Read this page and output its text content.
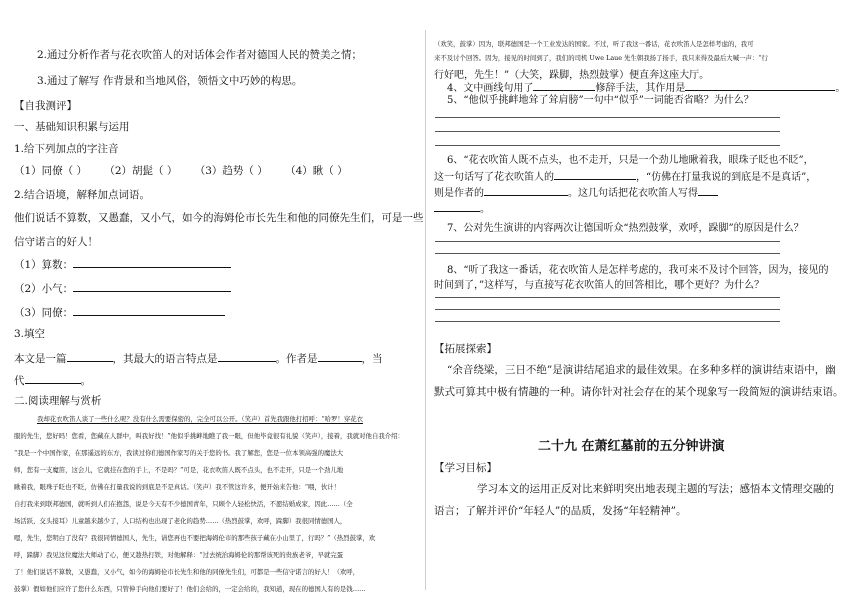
2.通过分析作者与花衣吹笛人的对话体会作者对德国人民的赞美之情；
3.通过了解写 作背景和当地风俗，领悟文中巧妙的构思。
【自我测评】
一、基础知识积累与运用
1.给下列加点的字注音
（1）同僚（ ） （2）胡髭（ ） （3）趋势（ ） （4）瞅（ ）
2.结合语境，解释加点词语。
他们说话不算数，又愚蠢，又小气，如今的海姆伦市长先生和他的同僚先生们，可是一些
信守诺言的好人！
（1）算数：
（2）小气：
（3）同僚：
3.填空
本文是一篇	，其最大的语言特点是	。作者是	，当
代	。
二.阅读理解与赏析
我却花衣吹笛人谈了一些什么呢？没有什么需要保密的，完全可以公开。（笑声）首先我跟他打招呼：“哈罗！穿花衣
服的先生，您好吗！您看，您藏在人群中，叫我好找！”他似乎挑衅地瞧了我一眼，但他毕竟很有礼貌（笑声），接着，我就对他自我介绍：
“我是一个中国作家，在那遥远的东方，我读过你们德国作家写的关于您的书。我了解您，您是一位本领高强的魔法大
师，您有一支魔笛，这会儿，它就挂在您的手上，不是吗？”可是，花衣吹笛人既不点头，也不走开，只是一个劲儿地
瞅着我，眼珠子眨也不眨，仿佛在打量我说的到底是不是真话。（笑声）我不管这许多，便开始来告他：“喂，伙计！
自打我来到联邦德国，就听到人们在抱怨，说是今天有不少德国青年，只顾个人轻松快活，不愿结婚成家，因此……（全
场活跃，交头接耳）儿童越来越少了，人口结构也出现了老化的趋势……（热烈鼓掌，欢呼，跺脚）我很同情德国人，
嗯，先生，您明白了没有？我很同情德国人，先生，请您再也不要把海姆伦市的那些孩子藏在小山里了，行吗？”（热烈鼓掌，欢
呼，跺脚）我见这位魔法大师动了心，便又趁热打铁，对他解释：“过去统治海姆伦的那帮该死的贵族老爷，早就完蛋
了！他们说话不算数，又愚蠢，又小气，如今的海姆伦市长先生和他的同僚先生们，可都是一些信守诺言的好人！（欢呼，
鼓掌）假如他们应许了您什么东西，只管伸手向他们要好了！他们会给的，一定会给的，我知道，现在的德国人有的是钱……
（欢笑，鼓掌）因为，联邦德国是一个工业发达的国家。不过，听了我这一番话，花衣吹笛人是怎样考虑的，我可
来不及讨个回答。因为，接见的时间到了，我们的司机 Uwe Laue 先生朝我扬了扬手，我只来得及最后大喊一声：“行
行好吧，先生！”（大笑，跺脚，热烈鼓掌）便直奔这座大厅。
4、文中画线句用了	修辞手法，其作用是	。
5、“他似乎挑衅地耸了耸肩膀”一句中“似乎”一词能否省略？为什么？
6、“花衣吹笛人既不点头，也不走开，只是一个劲儿地瞅着我，眼珠子眨也不眨”，
这一句话写了花衣吹笛人的	，“仿佛在打量我说的到底是不是真话”，
则是作者的	。这几句话把花衣吹笛人写得
。
7、公对先生演讲的内容两次让德国听众“热烈鼓掌，欢呼，跺脚”的原因是什么？
8、“听了我这一番话，花衣吹笛人是怎样考虑的，我可来不及讨个回答，因为，接见的
时间到了，”这样写，与直接写花衣吹笛人的回答相比，哪个更好？为什么？
【拓展探索】
“余音绕梁，三日不绝”是演讲结尾追求的最佳效果。在多种多样的演讲结束语中，幽
默式可算其中极有情趣的一种。请你针对社会存在的某个现象写一段简短的演讲结束语。
二十九 在萧红墓前的五分钟讲演
【学习目标】
学习本文的运用正反对比来鲜明突出地表现主题的写法；感悟本文情理交融的
语言；了解并评价“年轻人”的品质，发扬“年轻精神”。
